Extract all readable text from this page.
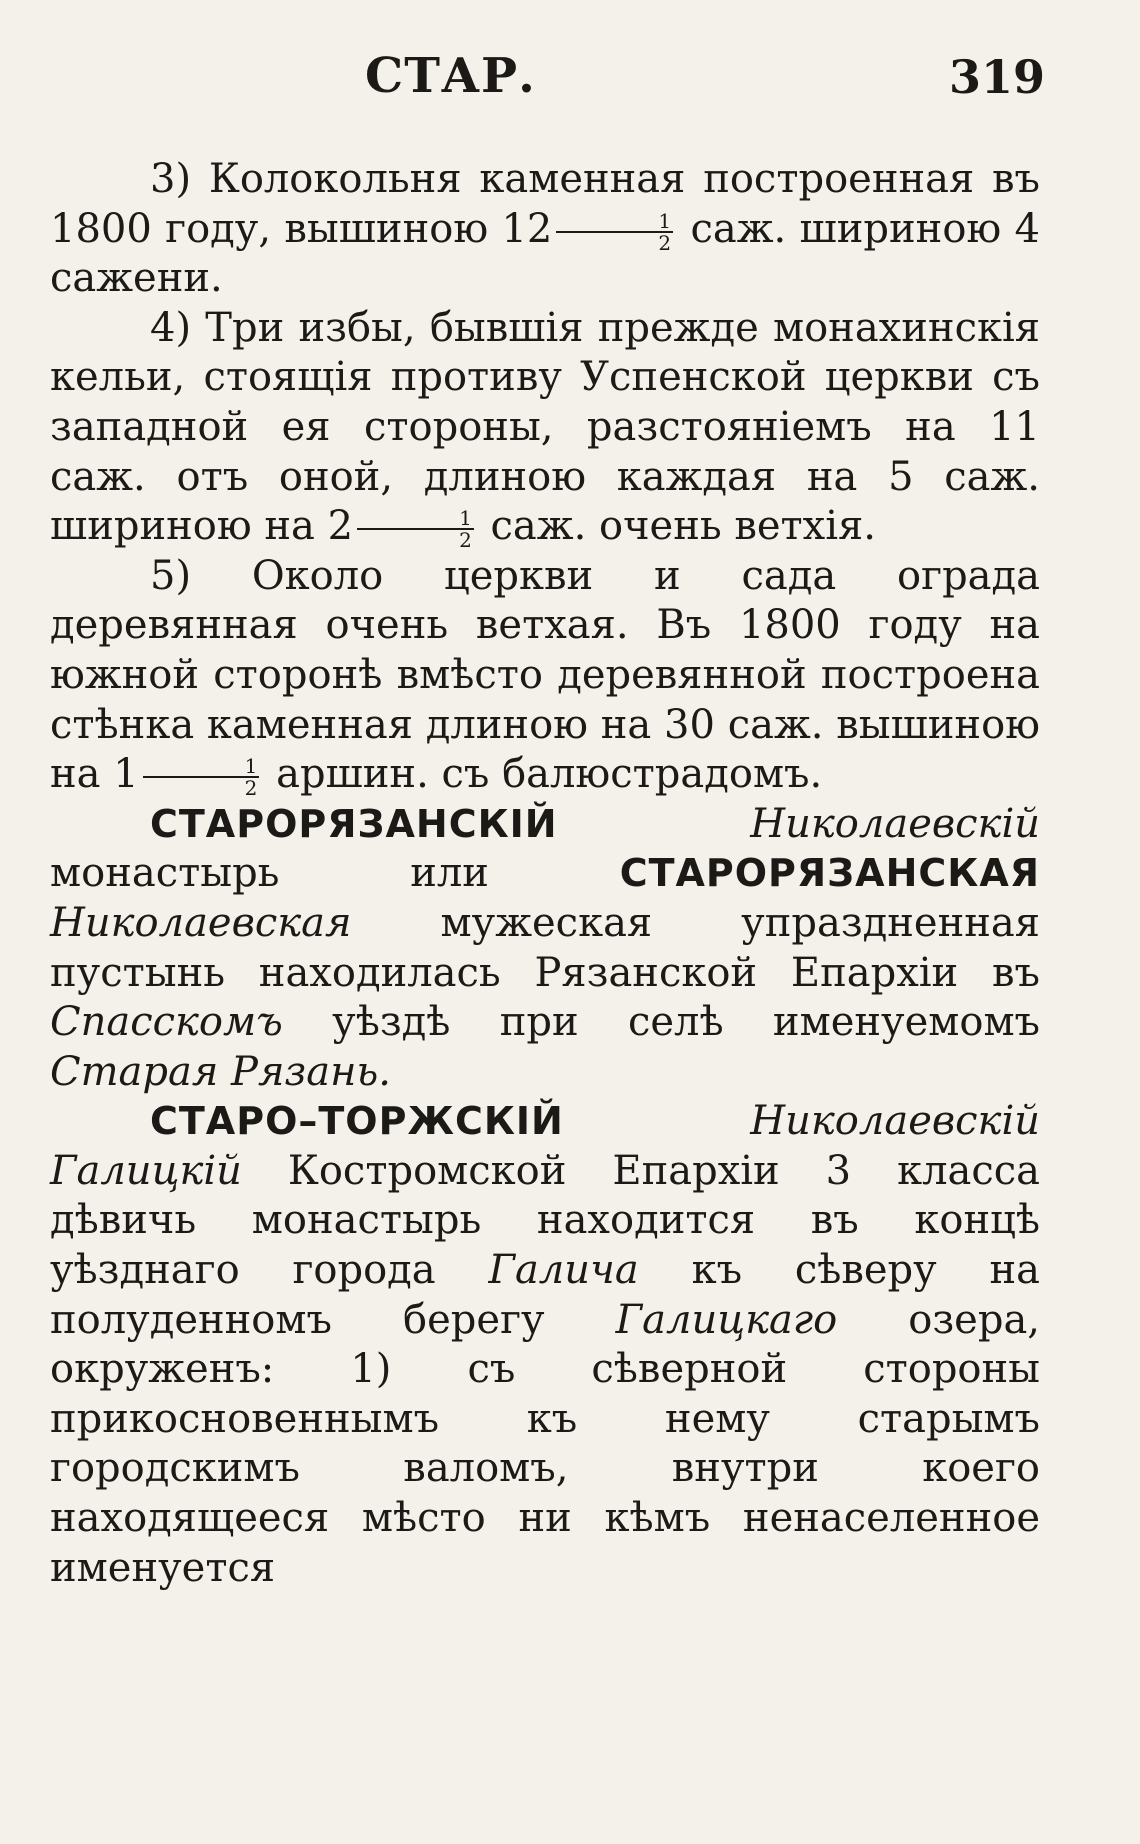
СТАР.	319

3) Колокольня каменная построенная въ 1800 году, вышиною $12 \frac{1}{2}$ саж. шириною 4 сажени.

4) Три избы, бывшія прежде монахинскія кельи, стоящія противу Успенской церкви съ западной ея стороны, разстояніемъ на 11 саж. отъ оной, длиною каждая на 5 саж. шириною на $2 \frac{1}{2}$ саж. очень ветхія.

5) Около церкви и сада ограда деревянная очень ветхая. Въ 1800 году на южной сторонѣ вмѣсто деревянной построена стѣнка каменная длиною на 30 саж. вышиною на $1 \frac{1}{2}$ аршин. съ балюстрадомъ.

СТАРОРЯЗАНСКІЙ	Николаевскій монастырь или	СТАРОРЯЗАНСКАЯ Николаевская мужеская упраздненная пустынь находилась Рязанской Епархіи въ Спасскомъ уѣздѣ при селѣ именуемомъ Старая Рязань.

СТАРО–ТОРЖСКІЙ	Николаевскій Галицкій Костромской Епархіи 3 класса дѣвичь монастырь находится въ концѣ уѣзднаго города Галича къ сѣверу на полуденномъ берегу Галицкаго озера, окруженъ: 1) съ сѣверной стороны прикосновеннымъ къ нему старымъ городскимъ валомъ, внутри коего находящееся мѣсто ни кѣмъ ненаселенное именуется
